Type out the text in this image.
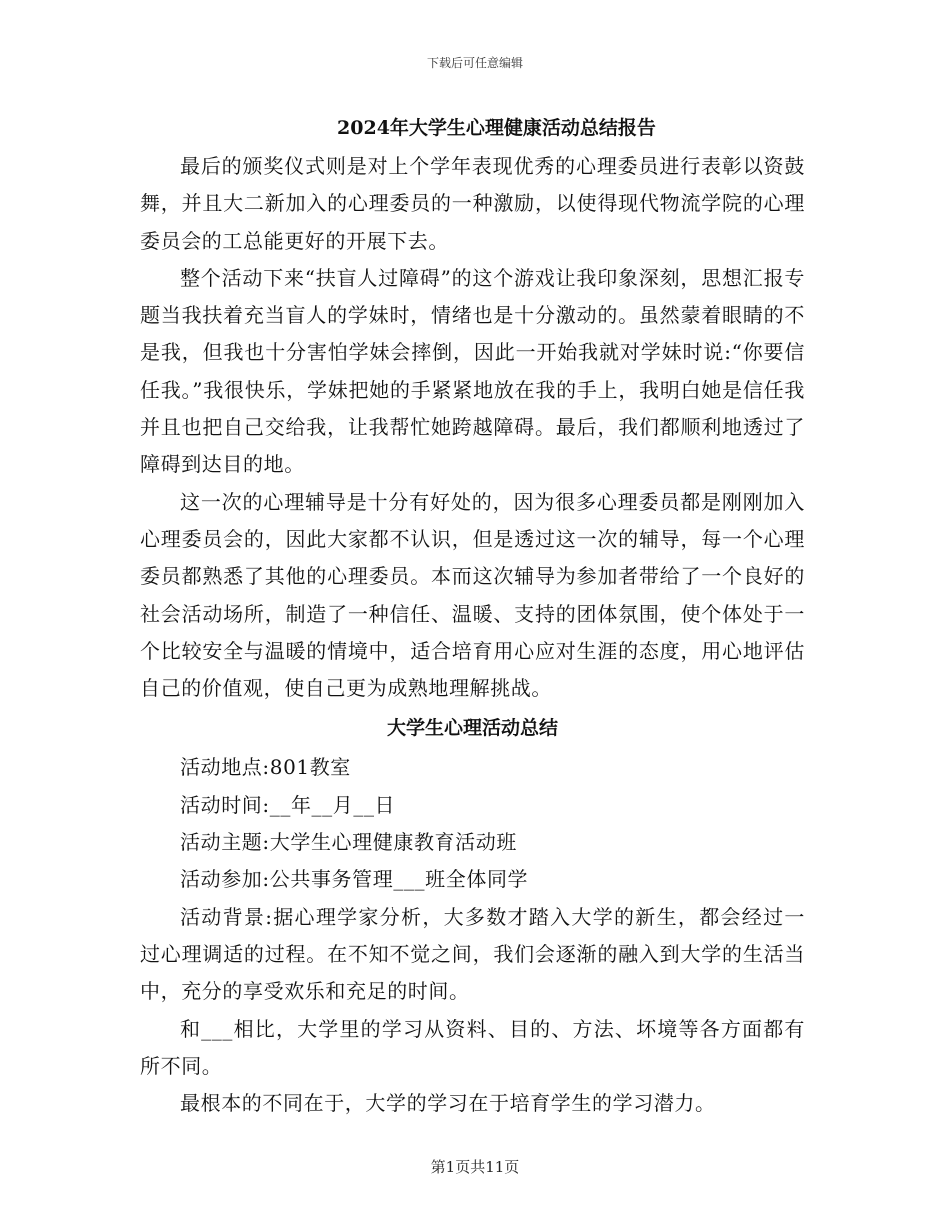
下载后可任意编辑
2024年大学生心理健康活动总结报告

最后的颁奖仪式则是对上个学年表现优秀的心理委员进行表彰以资鼓舞，并且大二新加入的心理委员的一种激励，以使得现代物流学院的心理委员会的工总能更好的开展下去。

整个活动下来“扶盲人过障碍”的这个游戏让我印象深刻，思想汇报专题当我扶着充当盲人的学妹时，情绪也是十分激动的。虽然蒙着眼睛的不是我，但我也十分害怕学妹会摔倒，因此一开始我就对学妹时说:“你要信任我。”我很快乐，学妹把她的手紧紧地放在我的手上，我明白她是信任我并且也把自己交给我，让我帮忙她跨越障碍。最后，我们都顺利地透过了障碍到达目的地。

这一次的心理辅导是十分有好处的，因为很多心理委员都是刚刚加入心理委员会的，因此大家都不认识，但是透过这一次的辅导，每一个心理委员都熟悉了其他的心理委员。本而这次辅导为参加者带给了一个良好的社会活动场所，制造了一种信任、温暖、支持的团体氛围，使个体处于一个比较安全与温暖的情境中，适合培育用心应对生涯的态度，用心地评估自己的价值观，使自己更为成熟地理解挑战。

大学生心理活动总结

活动地点:801教室

活动时间:__年__月__日

活动主题:大学生心理健康教育活动班

活动参加:公共事务管理___班全体同学

活动背景:据心理学家分析，大多数才踏入大学的新生，都会经过一过心理调适的过程。在不知不觉之间，我们会逐渐的融入到大学的生活当中，充分的享受欢乐和充足的时间。

和___相比，大学里的学习从资料、目的、方法、坏境等各方面都有所不同。

最根本的不同在于，大学的学习在于培育学生的学习潜力。

第1页共11页
